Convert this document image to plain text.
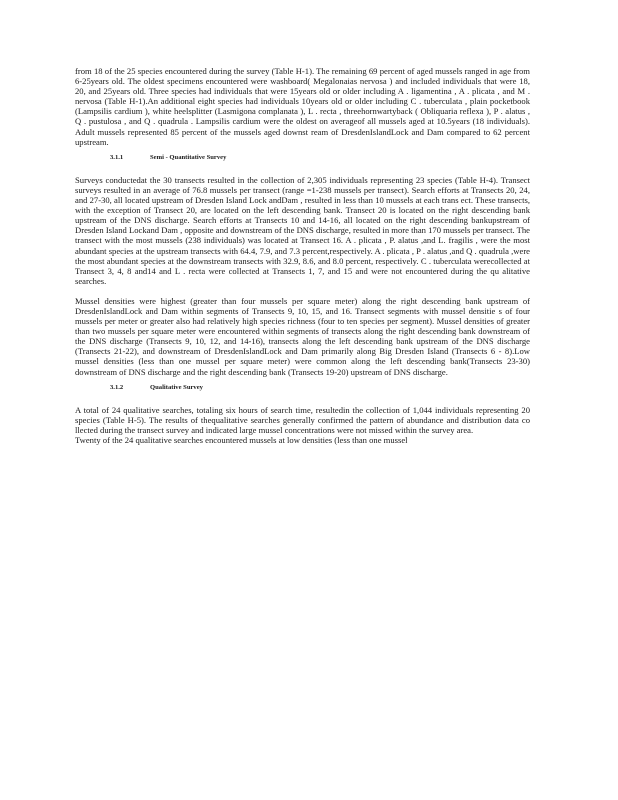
from 18 of the 25 species encountered during the survey (Table H-1). The remaining 69 percent of aged mussels ranged in age from 6-25years old. The oldest specimens encountered were washboard( Megalonaias nervosa ) and included individuals that were 18, 20, and 25years old. Three species had individuals that were 15years old or older including A . ligamentina , A . plicata , and M . nervosa (Table H-1).An additional eight species had individuals 10years old or older including C . tuberculata , plain pocketbook (Lampsilis cardium ), white heelsplitter (Lasmigona complanata ), L . recta , threehornwartyback ( Obliquaria reflexa ), P . alatus , Q . pustulosa , and Q . quadrula . Lampsilis cardium were the oldest on averageof all mussels aged at 10.5years (18 individuals). Adult mussels represented 85 percent of the mussels aged downst ream of DresdenIslandLock and Dam compared to 62 percent upstream.

3.1.1	Semi - Quantitative Survey

Surveys conductedat the 30 transects resulted in the collection of 2,305 individuals representing 23 species (Table H-4). Transect surveys resulted in an average of 76.8 mussels per transect (range =1-238 mussels per transect). Search efforts at Transects 20, 24, and 27-30, all located upstream of Dresden Island Lock andDam , resulted in less than 10 mussels at each trans ect. These transects, with the exception of Transect 20, are located on the left descending bank. Transect 20 is located on the right descending bank upstream of the DNS discharge. Search efforts at Transects 10 and 14-16, all located on the right descending bankupstream of Dresden Island Lockand Dam , opposite and downstream of the DNS discharge, resulted in more than 170 mussels per transect. The transect with the most mussels (238 individuals) was located at Transect 16. A . plicata , P. alatus ,and L. fragilis , were the most abundant species at the upstream transects with 64.4, 7.9, and 7.3 percent,respectively. A . plicata , P . alatus ,and Q . quadrula ,were the most abundant species at the downstream transects with 32.9, 8.6, and 8.0 percent, respectively. C . tuberculata werecollected at Transect 3, 4, 8 and14 and L . recta were collected at Transects 1, 7, and 15 and were not encountered during the qu alitative searches.

Mussel densities were highest (greater than four mussels per square meter) along the right descending bank upstream of DresdenIslandLock and Dam within segments of Transects 9, 10, 15, and 16. Transect segments with mussel densitie s of four mussels per meter or greater also had relatively high species richness (four to ten species per segment). Mussel densities of greater than two mussels per square meter were encountered within segments of transects along the right descending bank downstream of the DNS discharge (Transects 9, 10, 12, and 14-16), transects along the left descending bank upstream of the DNS discharge (Transects 21-22), and downstream of DresdenIslandLock and Dam primarily along Big Dresden Island (Transects 6 - 8).Low mussel densities (less than one mussel per square meter) were common along the left descending bank(Transects 23-30) downstream of DNS discharge and the right descending bank (Transects 19-20) upstream of DNS discharge.

3.1.2	Qualitative Survey

A total of 24 qualitative searches, totaling six hours of search time, resultedin the collection of 1,044 individuals representing 20 species (Table H-5). The results of thequalitative searches generally confirmed the pattern of abundance and distribution data co llected during the transect survey and indicated large mussel concentrations were not missed within the survey area.

Twenty of the 24 qualitative searches encountered mussels at low densities (less than one mussel
